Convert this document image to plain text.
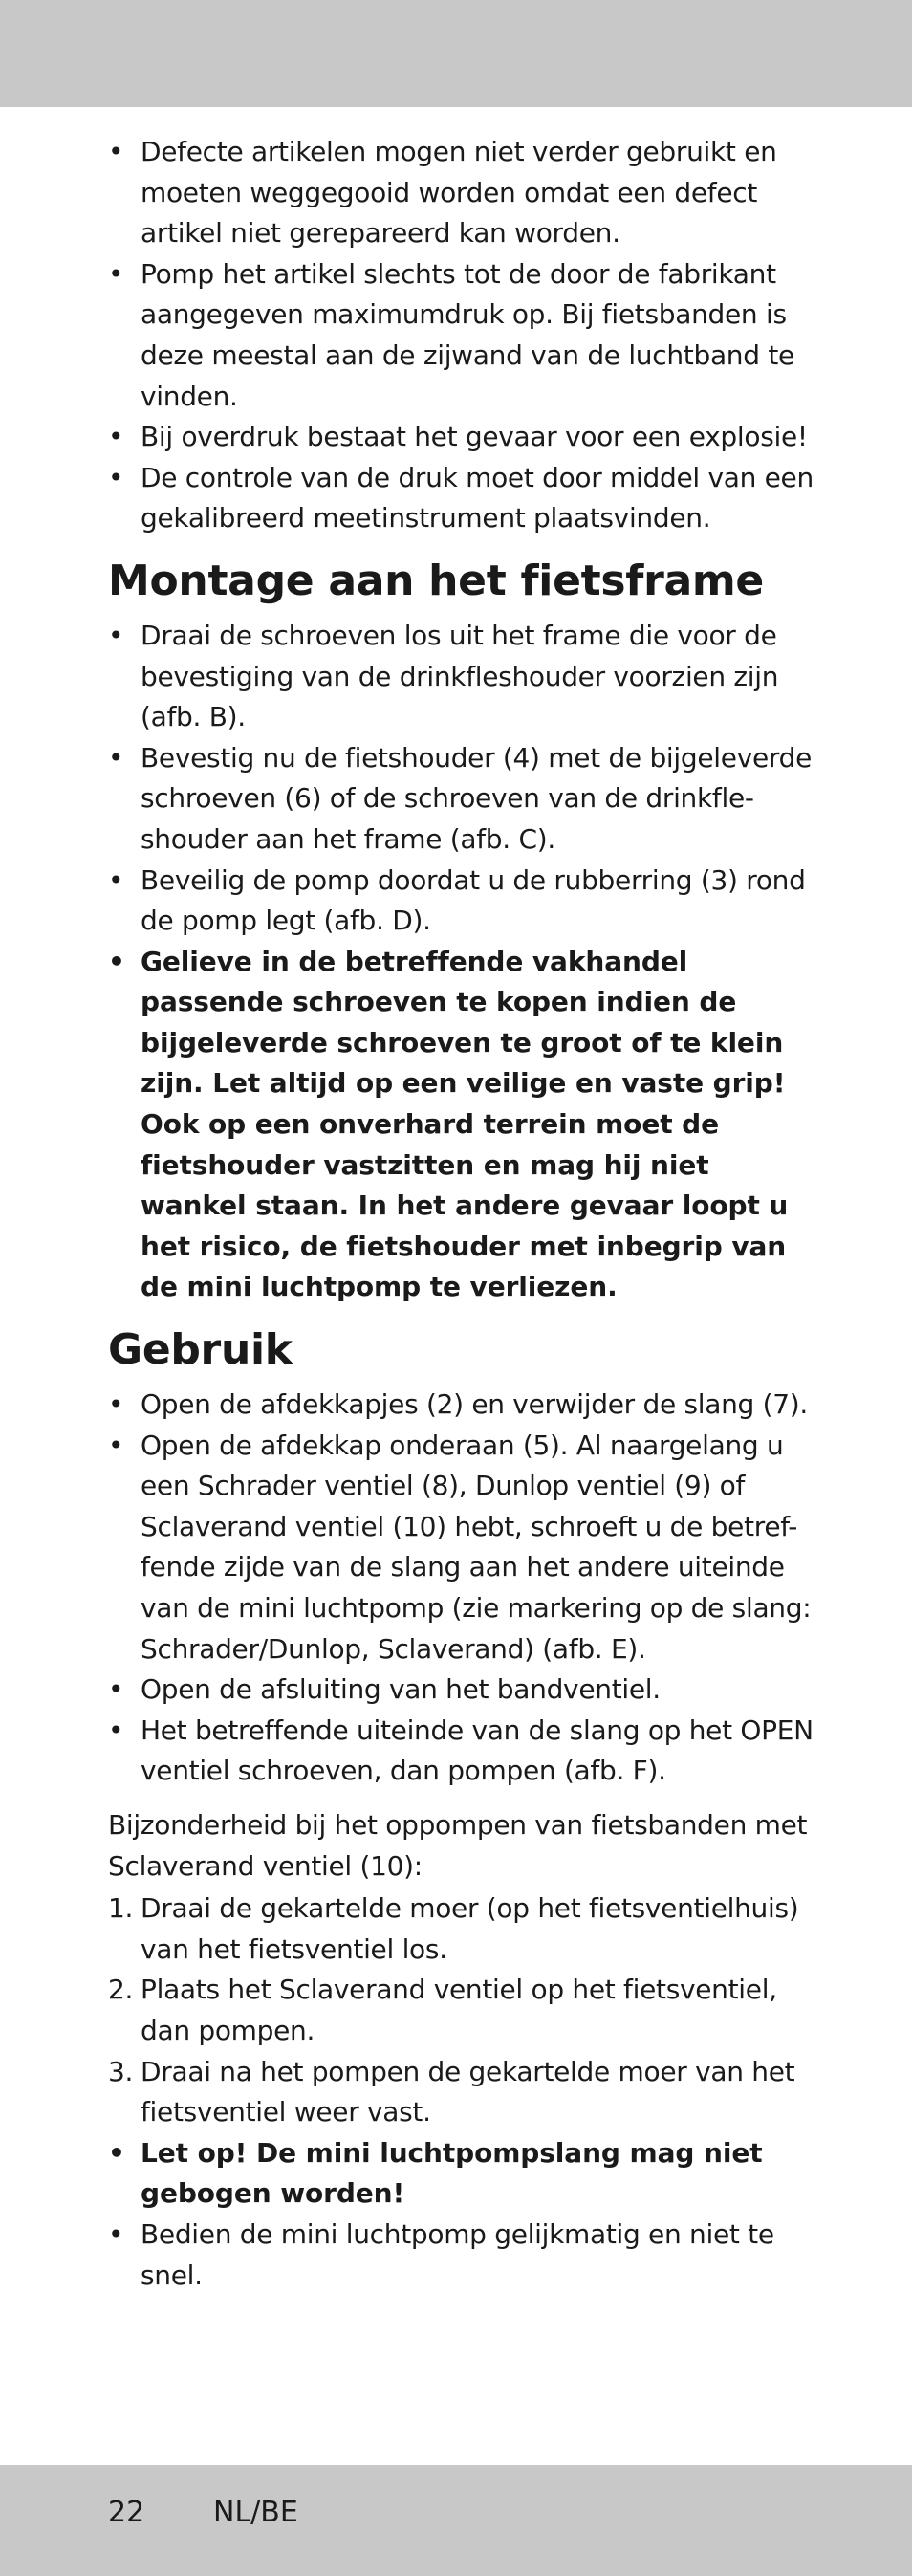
• Defecte artikelen mogen niet verder gebruikt en moeten weggegooid worden omdat een defect artikel niet gerepareerd kan worden.
• Pomp het artikel slechts tot de door de fabrikant aangegeven maximumdruk op. Bij fietsbanden is deze meestal aan de zijwand van de luchtband te vinden.
• Bij overdruk bestaat het gevaar voor een explosie!
• De controle van de druk moet door middel van een gekalibreerd meetinstrument plaatsvinden.
Montage aan het fietsframe
• Draai de schroeven los uit het frame die voor de bevestiging van de drinkfleshouder voorzien zijn (afb. B).
• Bevestig nu de fietshouder (4) met de bijgeleverde schroeven (6) of de schroeven van de drinkfle-shouder aan het frame (afb. C).
• Beveilig de pomp doordat u de rubberring (3) rond de pomp legt (afb. D).
• Gelieve in de betreffende vakhandel passende schroeven te kopen indien de bijgeleverde schroeven te groot of te klein zijn. Let altijd op een veilige en vaste grip! Ook op een onverhard terrein moet de fietshouder vastzitten en mag hij niet wankel staan. In het andere gevaar loopt u het risico, de fietshouder met inbegrip van de mini luchtpomp te verliezen.
Gebruik
• Open de afdekkapjes (2) en verwijder de slang (7).
• Open de afdekkap onderaan (5). Al naargelang u een Schrader ventiel (8), Dunlop ventiel (9) of Sclaverand ventiel (10) hebt, schroeft u de betref-fende zijde van de slang aan het andere uiteinde van de mini luchtpomp (zie markering op de slang: Schrader/Dunlop, Sclaverand) (afb. E).
• Open de afsluiting van het bandventiel.
• Het betreffende uiteinde van de slang op het OPEN ventiel schroeven, dan pompen (afb. F).

Bijzonderheid bij het oppompen van fietsbanden met Sclaverand ventiel (10):

1. Draai de gekartelde moer (op het fietsventielhuis) van het fietsventiel los.
2. Plaats het Sclaverand ventiel op het fietsventiel, dan pompen.
3. Draai na het pompen de gekartelde moer van het fietsventiel weer vast.
• Let op! De mini luchtpompslang mag niet gebogen worden!
• Bedien de mini luchtpomp gelijkmatig en niet te snel.
22 NL/BE
